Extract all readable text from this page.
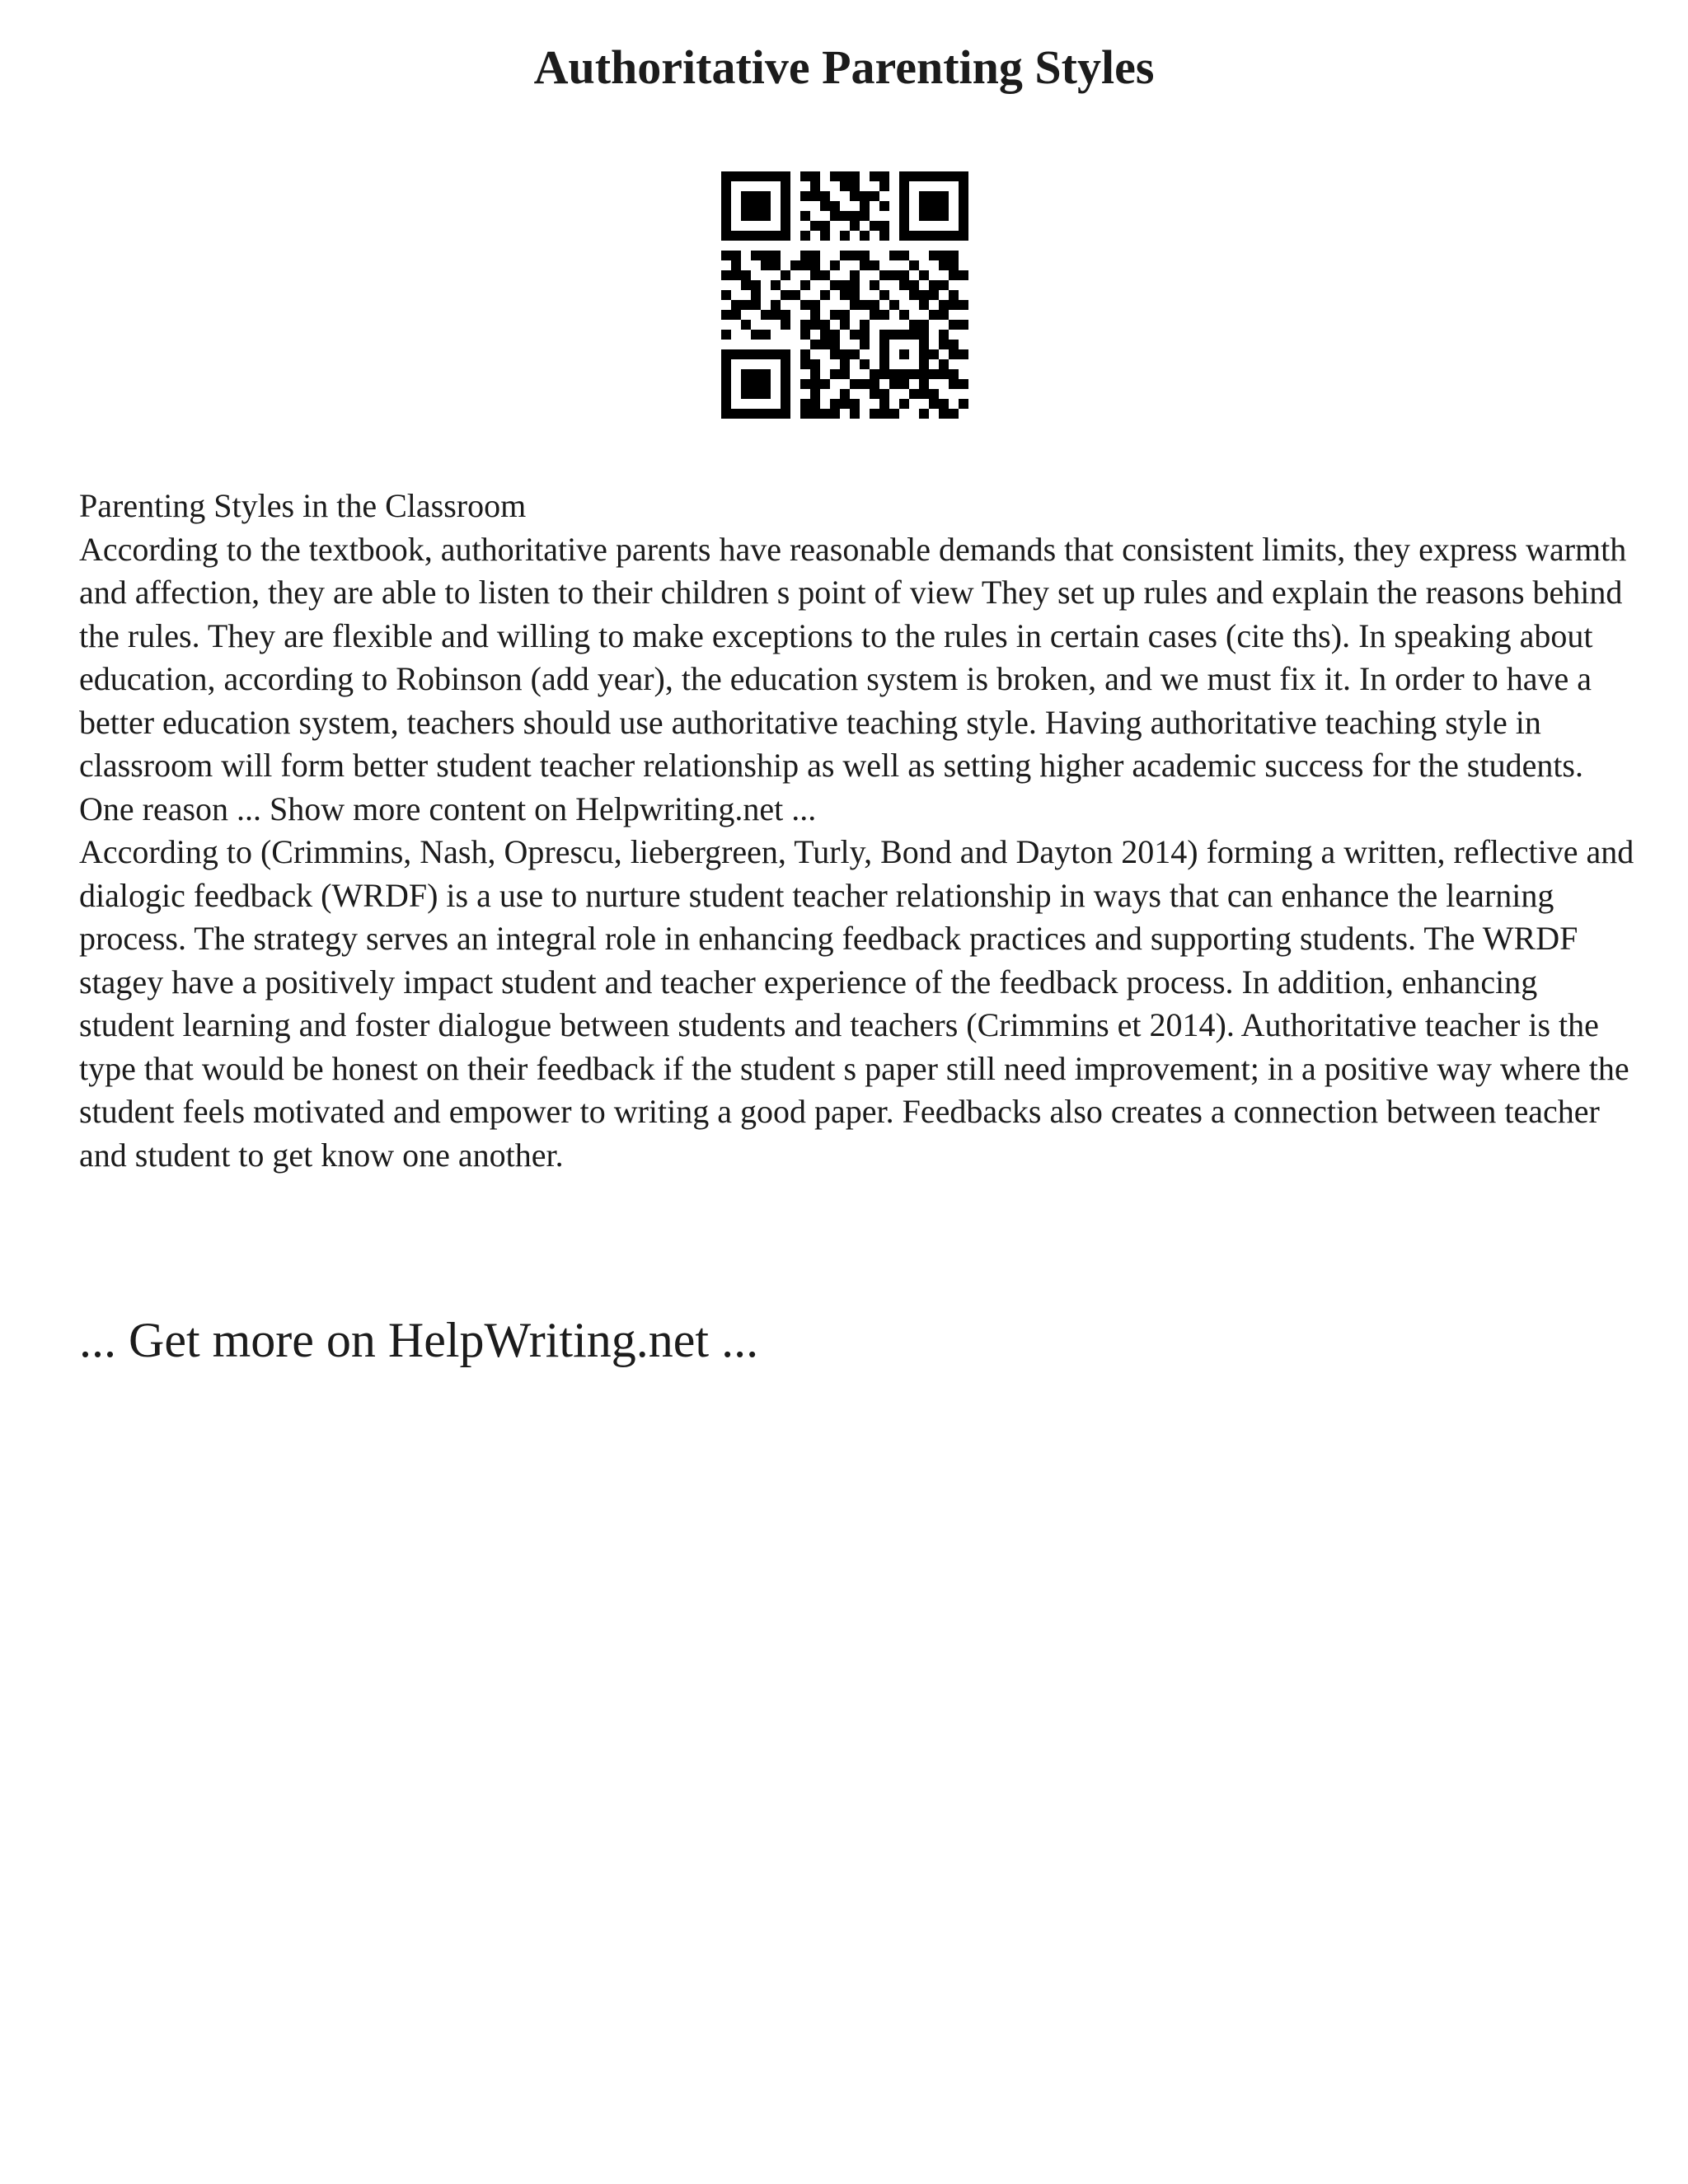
Authoritative Parenting Styles

Parenting Styles in the Classroom

According to the textbook, authoritative parents have reasonable demands that consistent limits, they express warmth and affection, they are able to listen to their children s point of view They set up rules and explain the reasons behind the rules. They are flexible and willing to make exceptions to the rules in certain cases (cite ths). In speaking about education, according to Robinson (add year), the education system is broken, and we must fix it. In order to have a better education system, teachers should use authoritative teaching style. Having authoritative teaching style in classroom will form better student teacher relationship as well as setting higher academic success for the students.

One reason ... Show more content on Helpwriting.net ...

According to (Crimmins, Nash, Oprescu, liebergreen, Turly, Bond and Dayton 2014) forming a written, reflective and dialogic feedback (WRDF) is a use to nurture student teacher relationship in ways that can enhance the learning process. The strategy serves an integral role in enhancing feedback practices and supporting students. The WRDF stagey have a positively impact student and teacher experience of the feedback process. In addition, enhancing student learning and foster dialogue between students and teachers (Crimmins et 2014). Authoritative teacher is the type that would be honest on their feedback if the student s paper still need improvement; in a positive way where the student feels motivated and empower to writing a good paper. Feedbacks also creates a connection between teacher and student to get know one another.

... Get more on HelpWriting.net ...
